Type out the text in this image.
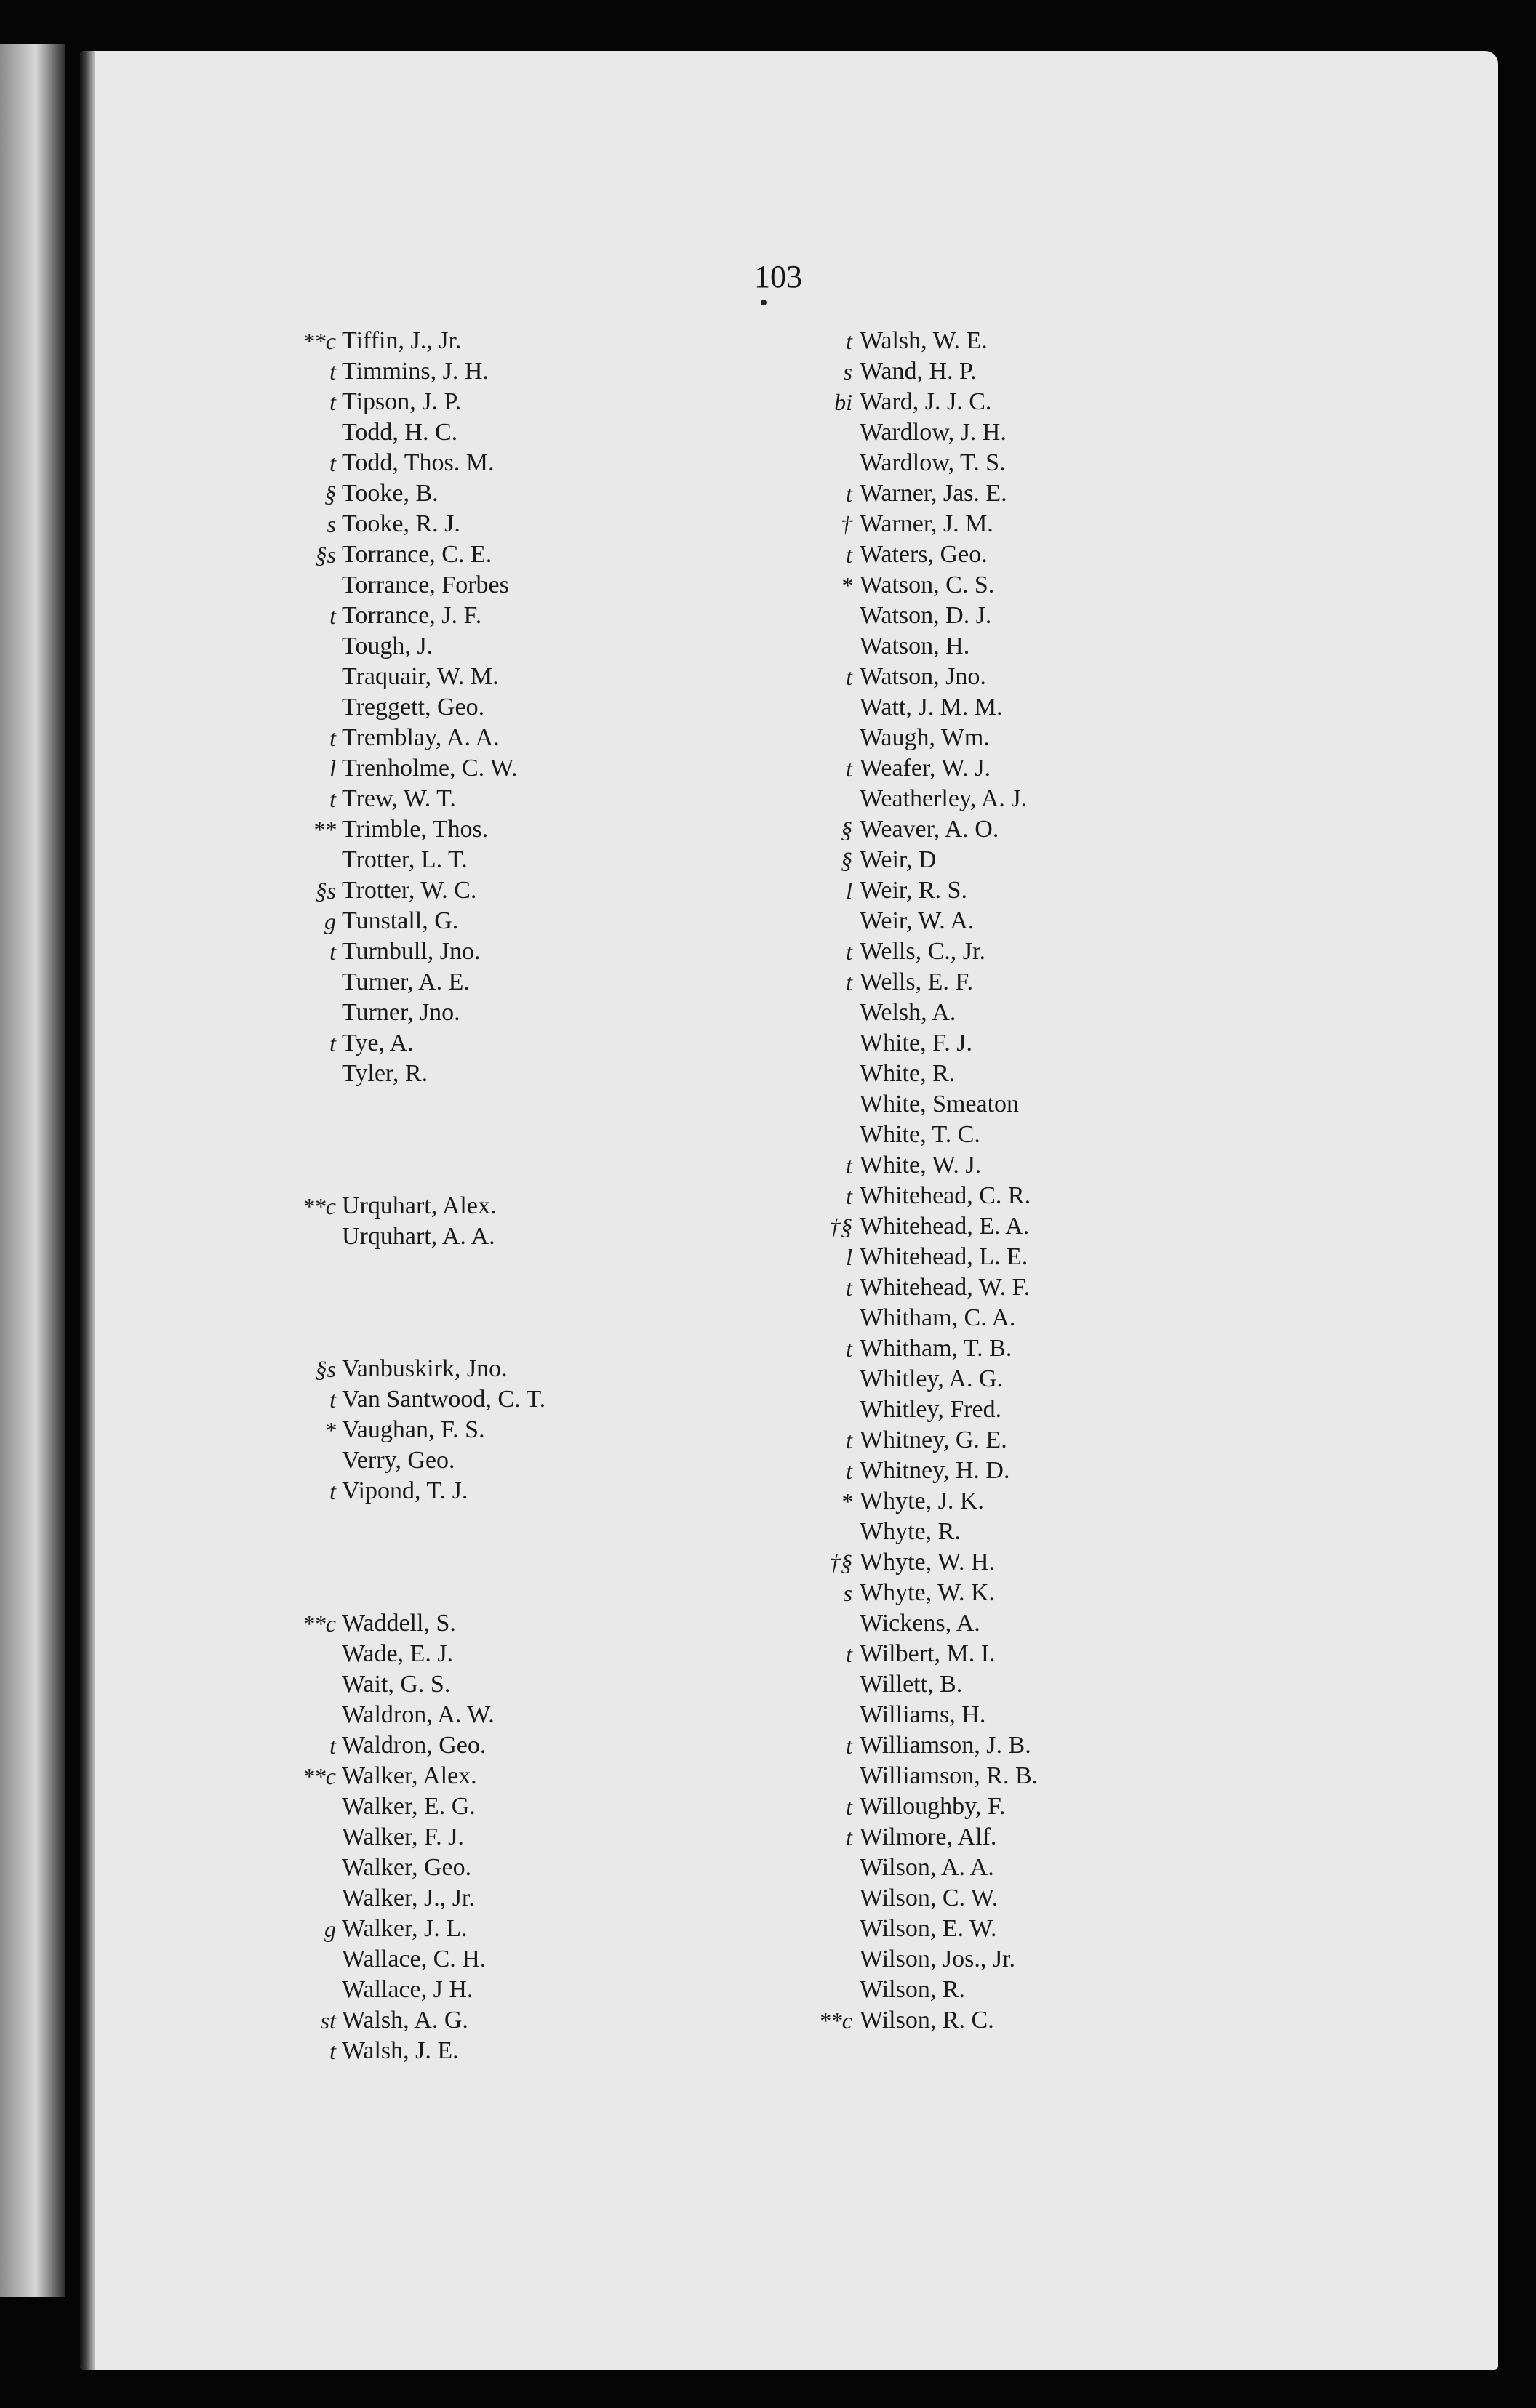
103
**c Tiffin, J., Jr.
t Timmins, J. H.
t Tipson, J. P.
Todd, H. C.
t Todd, Thos. M.
§ Tooke, B.
s Tooke, R. J.
§s Torrance, C. E.
Torrance, Forbes
t Torrance, J. F.
Tough, J.
Traquair, W. M.
Treggett, Geo.
t Tremblay, A. A.
l Trenholme, C. W.
t Trew, W. T.
** Trimble, Thos.
Trotter, L. T.
§s Trotter, W. C.
g Tunstall, G.
t Turnbull, Jno.
Turner, A. E.
Turner, Jno.
t Tye, A.
Tyler, R.
**c Urquhart, Alex.
Urquhart, A. A.
§s Vanbuskirk, Jno.
t Van Santwood, C. T.
* Vaughan, F. S.
Verry, Geo.
t Vipond, T. J.
**c Waddell, S.
Wade, E. J.
Wait, G. S.
Waldron, A. W.
t Waldron, Geo.
**c Walker, Alex.
Walker, E. G.
Walker, F. J.
Walker, Geo.
Walker, J., Jr.
g Walker, J. L.
Wallace, C. H.
Wallace, J H.
st Walsh, A. G.
t Walsh, J. E.
t Walsh, W. E.
s Wand, H. P.
bi Ward, J. J. C.
Wardlow, J. H.
Wardlow, T. S.
t Warner, Jas. E.
† Warner, J. M.
t Waters, Geo.
* Watson, C. S.
Watson, D. J.
Watson, H.
t Watson, Jno.
Watt, J. M. M.
Waugh, Wm.
t Weafer, W. J.
Weatherley, A. J.
§ Weaver, A. O.
§ Weir, D
l Weir, R. S.
Weir, W. A.
t Wells, C., Jr.
t Wells, E. F.
Welsh, A.
White, F. J.
White, R.
White, Smeaton
White, T. C.
t White, W. J.
t Whitehead, C. R.
†§ Whitehead, E. A.
l Whitehead, L. E.
t Whitehead, W. F.
Whitham, C. A.
t Whitham, T. B.
Whitley, A. G.
Whitley, Fred.
t Whitney, G. E.
t Whitney, H. D.
* Whyte, J. K.
Whyte, R.
†§ Whyte, W. H.
s Whyte, W. K.
Wickens, A.
t Wilbert, M. I.
Willett, B.
Williams, H.
t Williamson, J. B.
Williamson, R. B.
t Willoughby, F.
t Wilmore, Alf.
Wilson, A. A.
Wilson, C. W.
Wilson, E. W.
Wilson, Jos., Jr.
Wilson, R.
**c Wilson, R. C.
